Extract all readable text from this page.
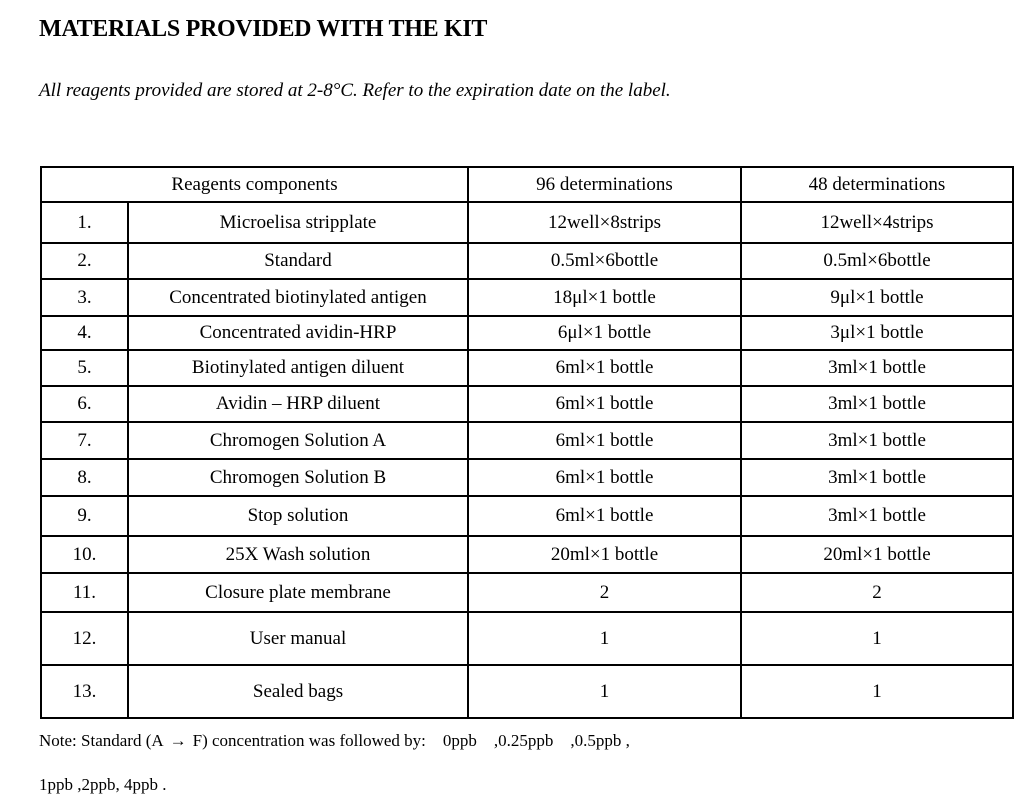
MATERIALS PROVIDED WITH THE KIT
All reagents provided are stored at 2-8°C. Refer to the expiration date on the label.
Reagents components		96 determinations	48 determinations
1.	Microelisa stripplate	12well×8strips	12well×4strips
2.	Standard	0.5ml×6bottle	0.5ml×6bottle
3.	Concentrated biotinylated antigen	18μl×1 bottle	9μl×1 bottle
4.	Concentrated avidin-HRP	6μl×1 bottle	3μl×1 bottle
5.	Biotinylated antigen diluent	6ml×1 bottle	3ml×1 bottle
6.	Avidin – HRP diluent	6ml×1 bottle	3ml×1 bottle
7.	Chromogen Solution A	6ml×1 bottle	3ml×1 bottle
8.	Chromogen Solution B	6ml×1 bottle	3ml×1 bottle
9.	Stop solution	6ml×1 bottle	3ml×1 bottle
10.	25X Wash solution	20ml×1 bottle	20ml×1 bottle
11.	Closure plate membrane	2	2
12.	User manual	1	1
13.	Sealed bags	1	1
Note: Standard (A → F) concentration was followed by:    0ppb    ,0.25ppb    ,0.5ppb ,
1ppb ,2ppb, 4ppb .
